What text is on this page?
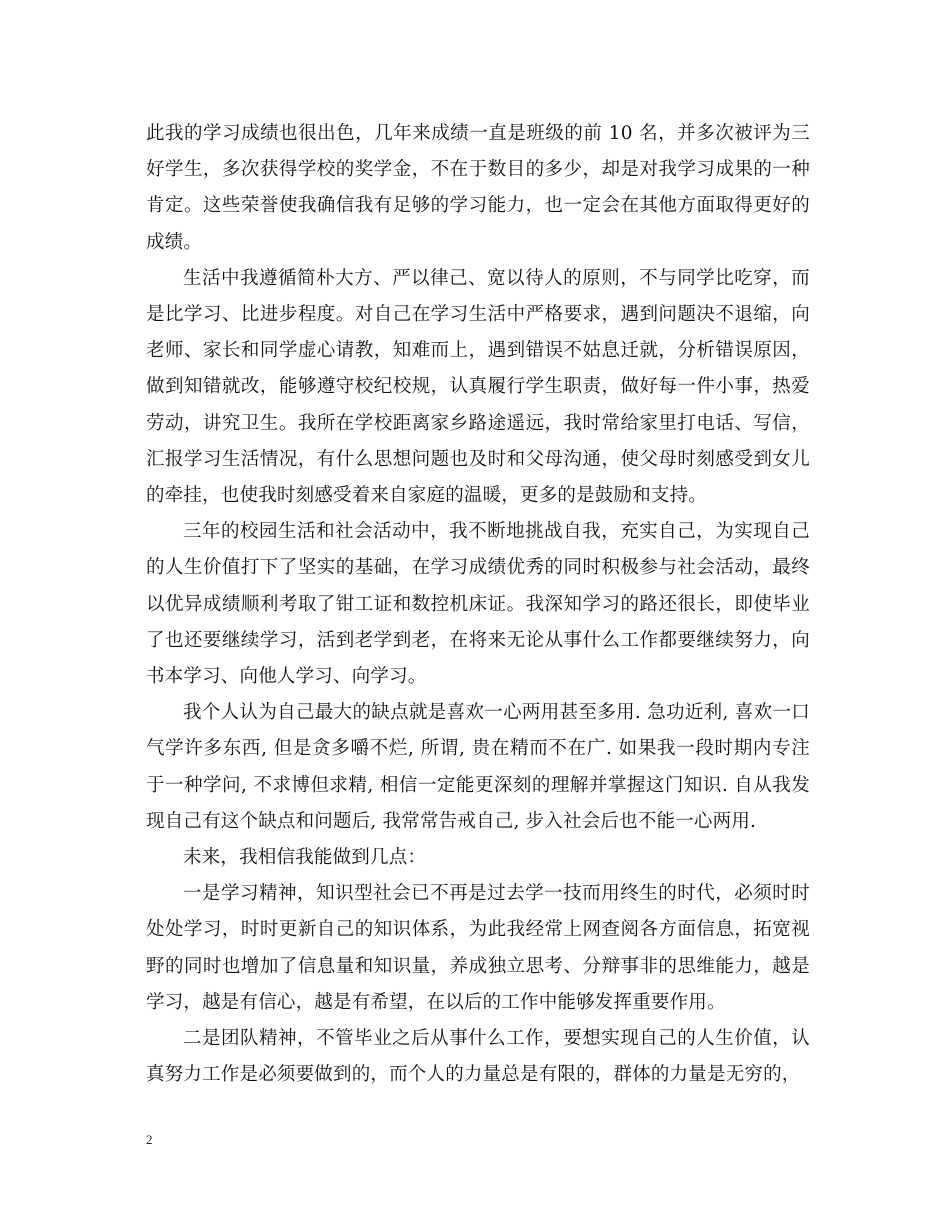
此我的学习成绩也很出色，几年来成绩一直是班级的前 10 名，并多次被评为三好学生，多次获得学校的奖学金，不在于数目的多少，却是对我学习成果的一种肯定。这些荣誉使我确信我有足够的学习能力，也一定会在其他方面取得更好的成绩。

生活中我遵循简朴大方、严以律己、宽以待人的原则，不与同学比吃穿，而是比学习、比进步程度。对自己在学习生活中严格要求，遇到问题决不退缩，向老师、家长和同学虚心请教，知难而上，遇到错误不姑息迁就，分析错误原因，做到知错就改，能够遵守校纪校规，认真履行学生职责，做好每一件小事，热爱劳动，讲究卫生。我所在学校距离家乡路途遥远，我时常给家里打电话、写信，汇报学习生活情况，有什么思想问题也及时和父母沟通，使父母时刻感受到女儿的牵挂，也使我时刻感受着来自家庭的温暖，更多的是鼓励和支持。

三年的校园生活和社会活动中，我不断地挑战自我，充实自己，为实现自己的人生价值打下了坚实的基础，在学习成绩优秀的同时积极参与社会活动，最终以优异成绩顺利考取了钳工证和数控机床证。我深知学习的路还很长，即使毕业了也还要继续学习，活到老学到老，在将来无论从事什么工作都要继续努力，向书本学习、向他人学习、向学习。

我个人认为自己最大的缺点就是喜欢一心两用甚至多用. 急功近利, 喜欢一口气学许多东西, 但是贪多嚼不烂, 所谓, 贵在精而不在广. 如果我一段时期内专注于一种学问, 不求博但求精, 相信一定能更深刻的理解并掌握这门知识. 自从我发现自己有这个缺点和问题后, 我常常告戒自己, 步入社会后也不能一心两用.

未来，我相信我能做到几点：

一是学习精神，知识型社会已不再是过去学一技而用终生的时代，必须时时处处学习，时时更新自己的知识体系，为此我经常上网查阅各方面信息，拓宽视野的同时也增加了信息量和知识量，养成独立思考、分辩事非的思维能力，越是学习，越是有信心，越是有希望，在以后的工作中能够发挥重要作用。

二是团队精神，不管毕业之后从事什么工作，要想实现自己的人生价值，认真努力工作是必须要做到的，而个人的力量总是有限的，群体的力量是无穷的，

2
